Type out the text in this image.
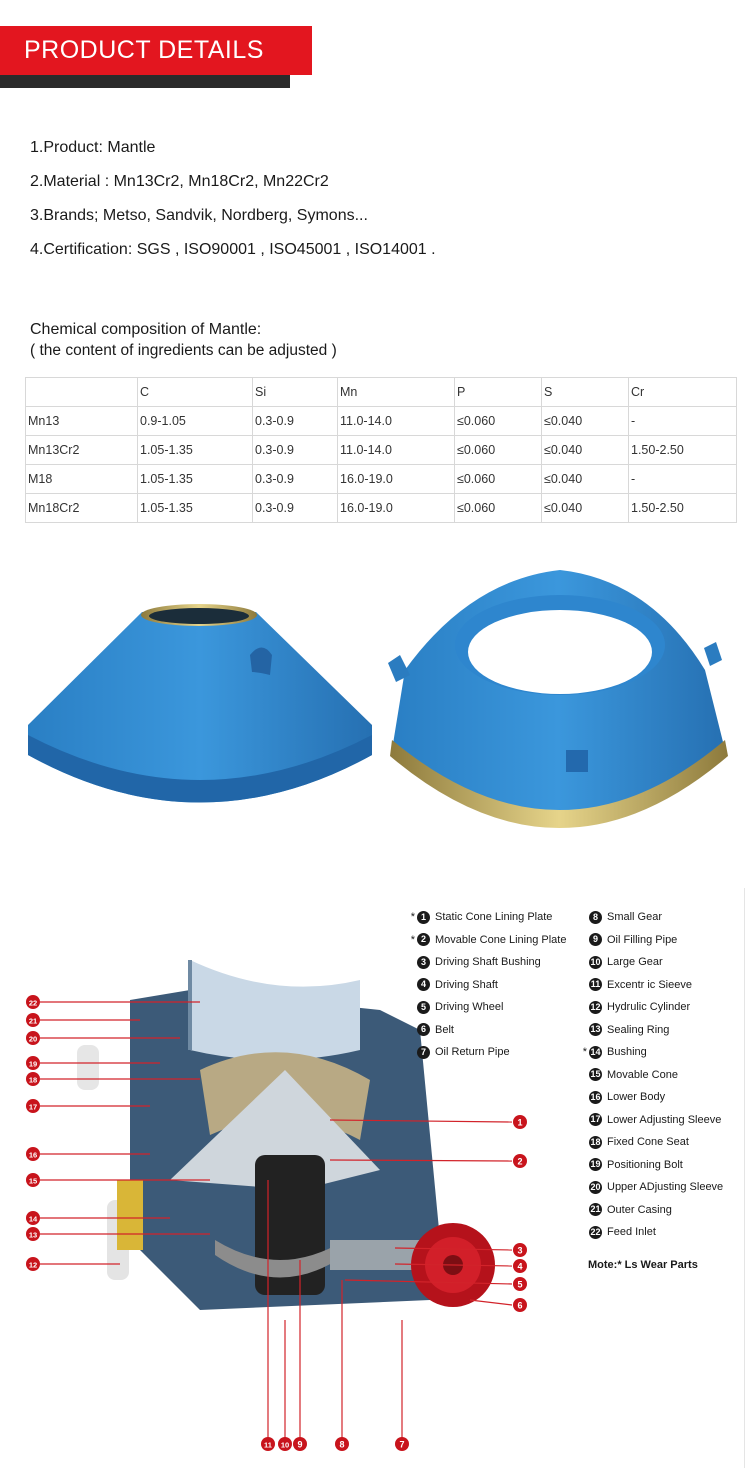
PRODUCT DETAILS
1.Product: Mantle
2.Material : Mn13Cr2, Mn18Cr2, Mn22Cr2
3.Brands; Metso, Sandvik, Nordberg, Symons...
4.Certification: SGS , ISO90001 , ISO45001 , ISO14001 .
Chemical composition of Mantle:
( the content of ingredients can be adjusted )
	C	Si	Mn	P	S	Cr
Mn13	0.9-1.05	0.3-0.9	11.0-14.0	≤0.060	≤0.040	-
Mn13Cr2	1.05-1.35	0.3-0.9	11.0-14.0	≤0.060	≤0.040	1.50-2.50
M18	1.05-1.35	0.3-0.9	16.0-19.0	≤0.060	≤0.040	-
Mn18Cr2	1.05-1.35	0.3-0.9	16.0-19.0	≤0.060	≤0.040	1.50-2.50
22
21
20
19
18
17
16
15
14
13
12
1
2
3
4
5
6
11 10 9	8	7
* 1 Static Cone Lining Plate
* 2 Movable Cone Lining Plate
3 Driving Shaft Bushing
4 Driving Shaft
5 Driving Wheel
6 Belt
7 Oil Return Pipe
8 Small Gear
9 Oil Filling Pipe
10 Large Gear
11 Excentr ic Sieeve
12 Hydrulic Cylinder
13 Sealing Ring
* 14 Bushing
15 Movable Cone
16 Lower Body
17 Lower Adjusting Sleeve
18 Fixed Cone Seat
19 Positioning Bolt
20 Upper ADjusting Sleeve
21 Outer Casing
22 Feed Inlet
Mote:* Ls Wear Parts
